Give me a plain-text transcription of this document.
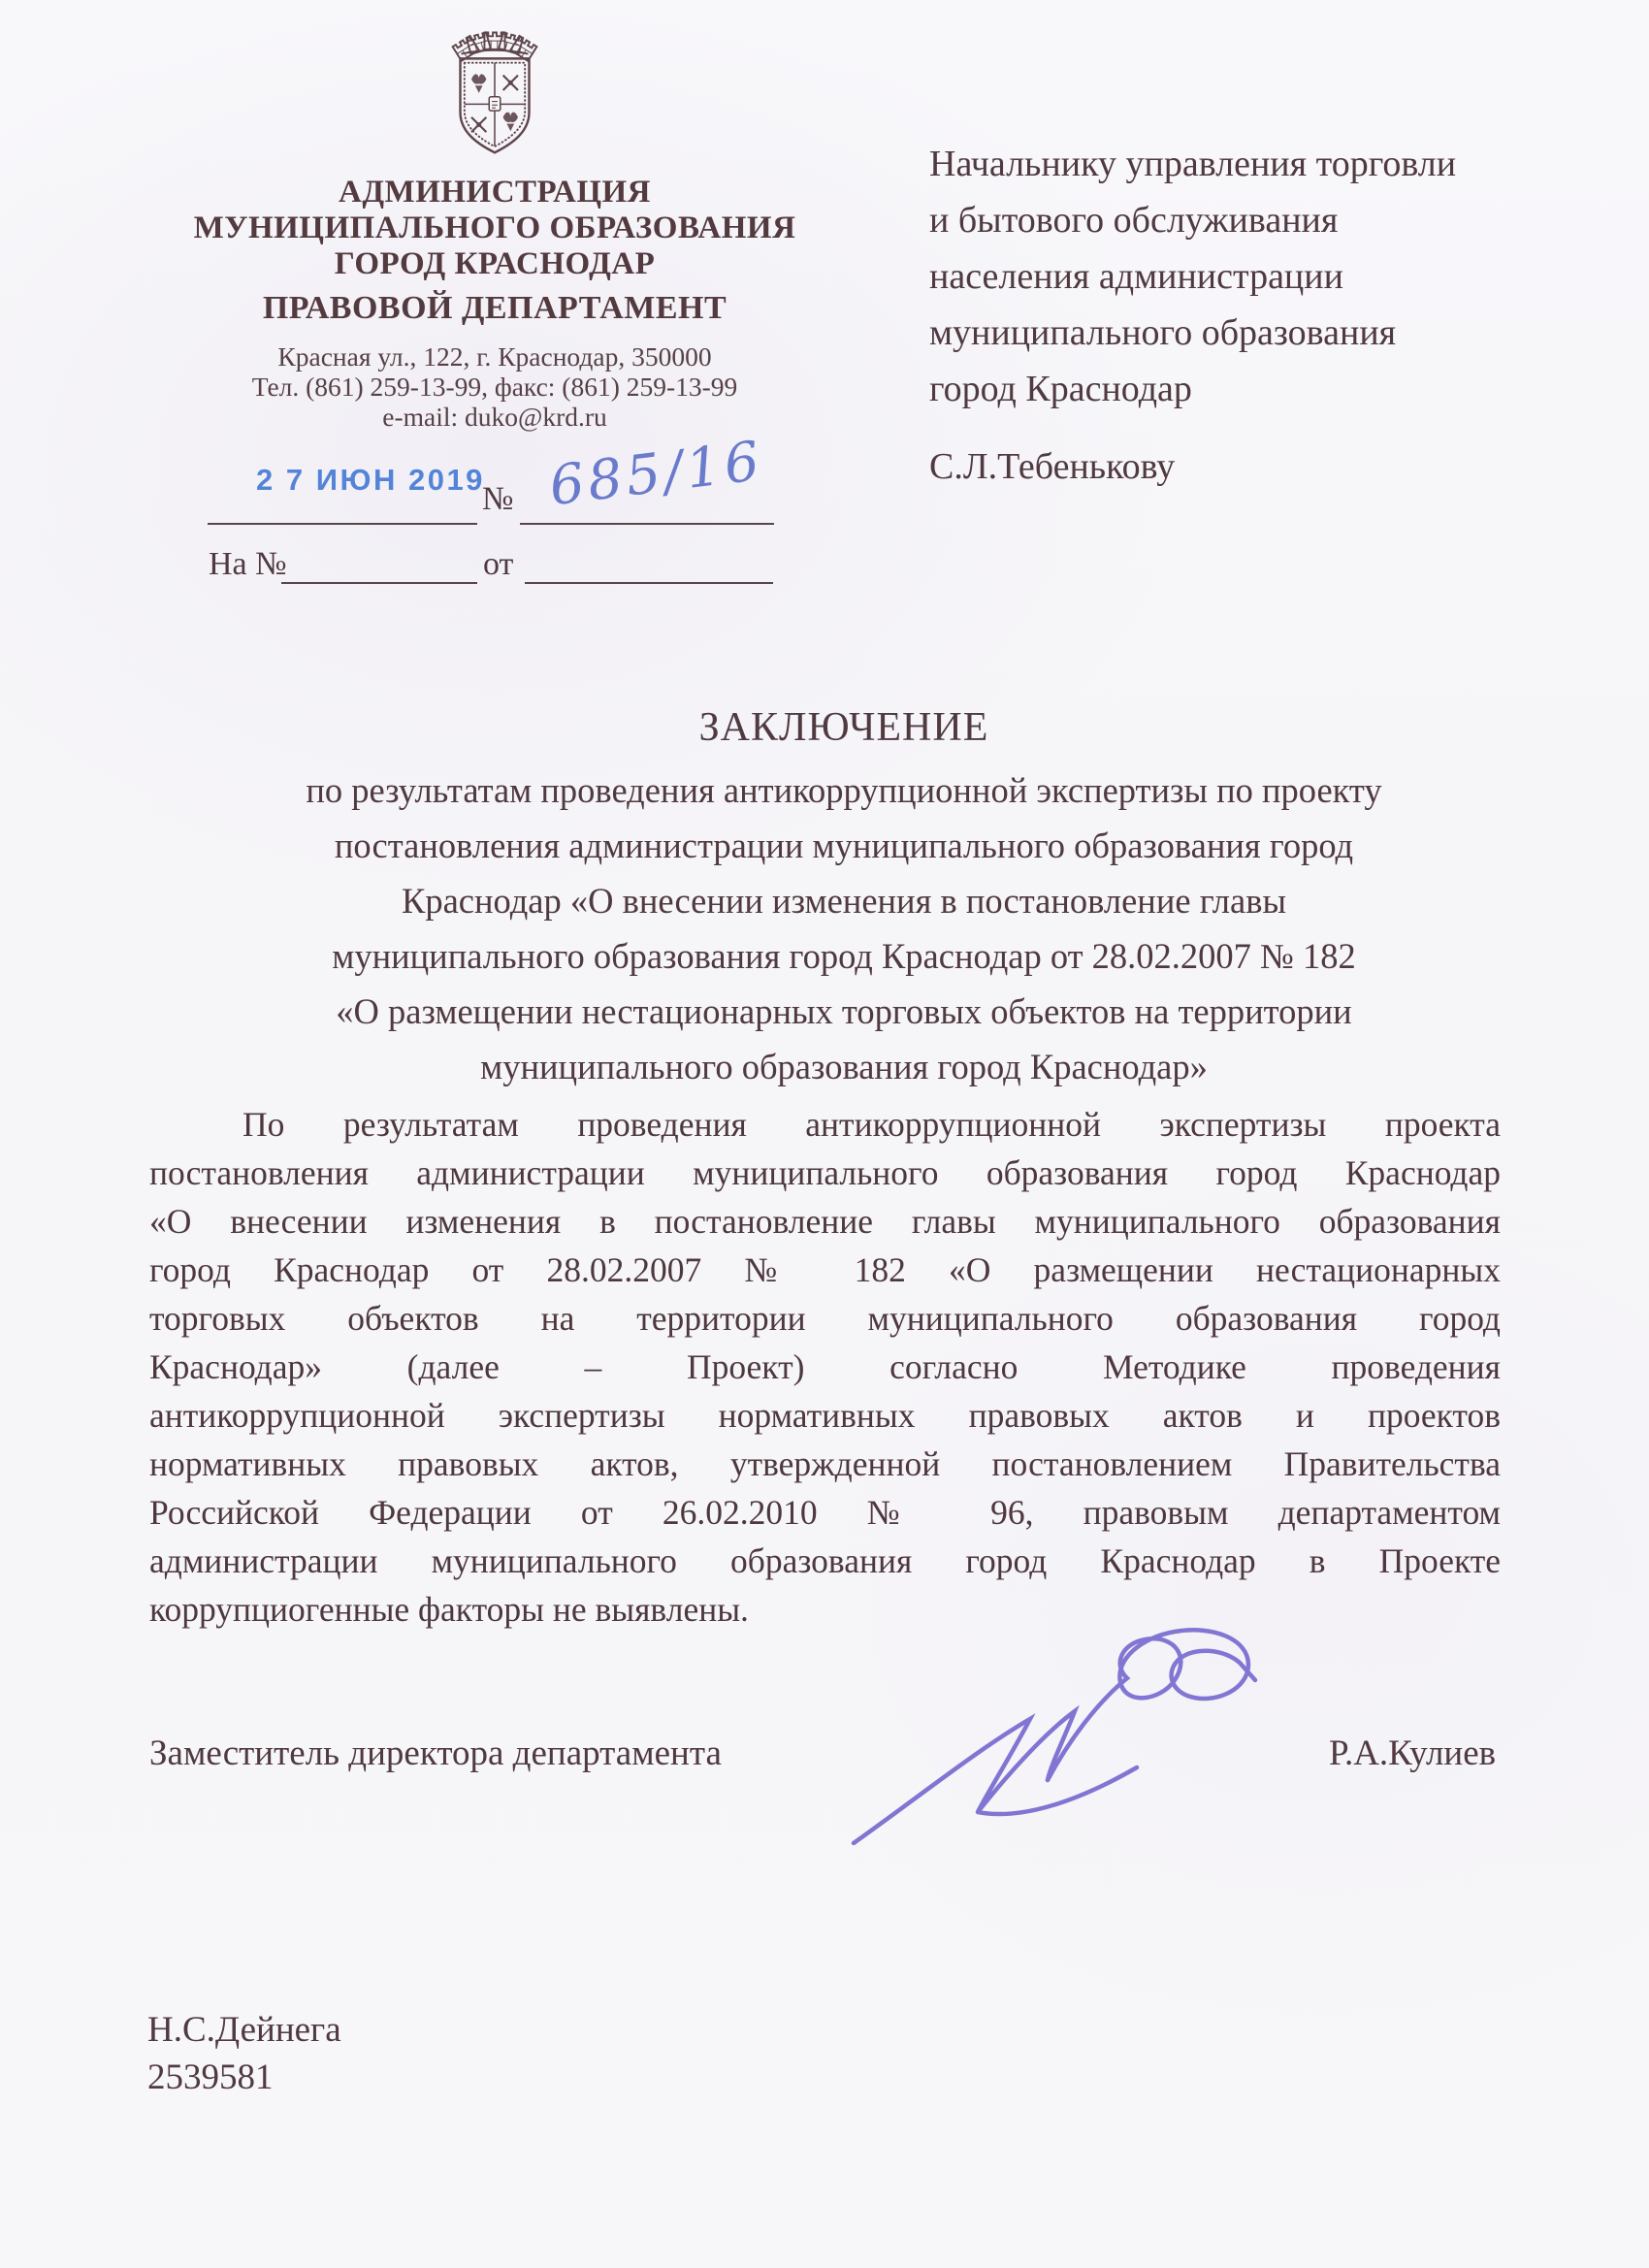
АДМИНИСТРАЦИЯ
МУНИЦИПАЛЬНОГО ОБРАЗОВАНИЯ
ГОРОД КРАСНОДАР
ПРАВОВОЙ ДЕПАРТАМЕНТ
Красная ул., 122, г. Краснодар, 350000
Тел. (861) 259-13-99, факс: (861) 259-13-99
e-mail: duko@krd.ru
Начальнику управления торговли
и бытового обслуживания
населения администрации
муниципального образования
город Краснодар
С.Л.Тебенькову
2 7 ИЮН 2019
№ 685/16
На №	от
ЗАКЛЮЧЕНИЕ
по результатам проведения антикоррупционной экспертизы по проекту
постановления администрации муниципального образования город
Краснодар «О внесении изменения в постановление главы
муниципального образования город Краснодар от 28.02.2007 № 182
«О размещении нестационарных торговых объектов на территории
муниципального образования город Краснодар»
По результатам проведения антикоррупционной экспертизы проекта
постановления администрации муниципального образования город Краснодар
«О внесении изменения в постановление главы муниципального образования
город Краснодар от 28.02.2007 № 182 «О размещении нестационарных
торговых объектов на территории муниципального образования город
Краснодар» (далее – Проект) согласно Методике проведения
антикоррупционной экспертизы нормативных правовых актов и проектов
нормативных правовых актов, утвержденной постановлением Правительства
Российской Федерации от 26.02.2010 № 96, правовым департаментом
администрации муниципального образования город Краснодар в Проекте
коррупциогенные факторы не выявлены.
Заместитель директора департамента	Р.А.Кулиев
Н.С.Дейнега
2539581
